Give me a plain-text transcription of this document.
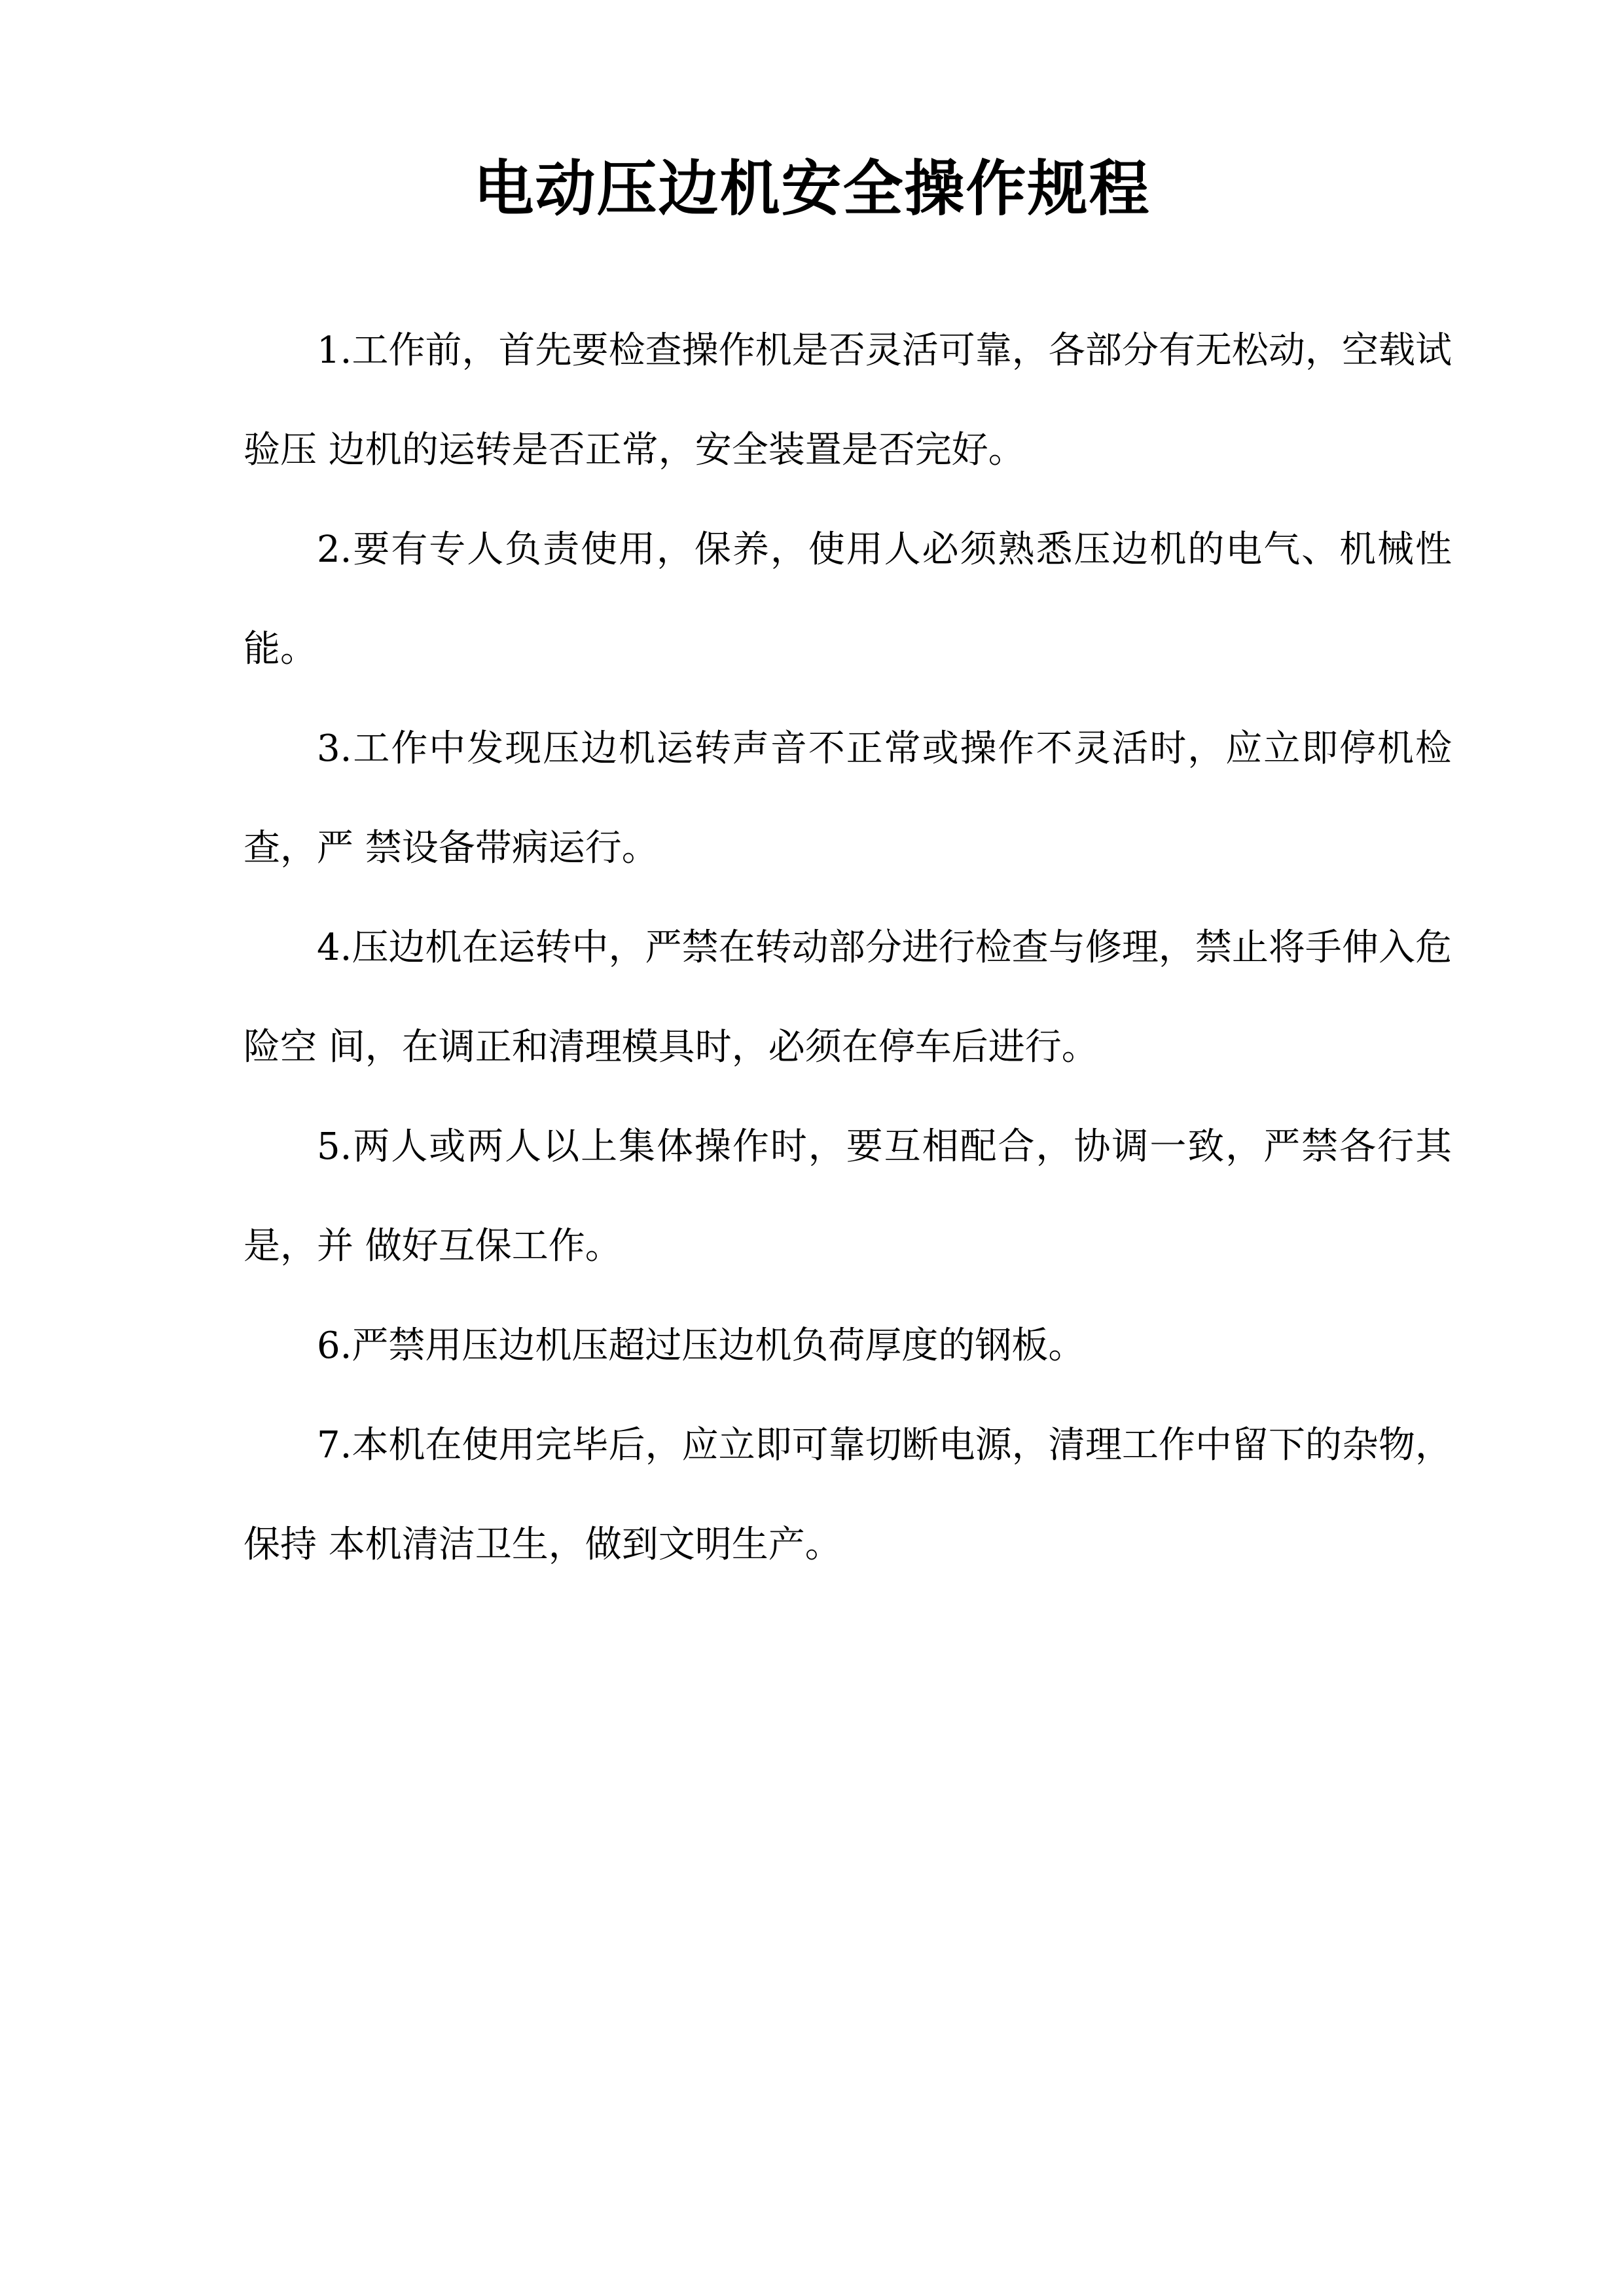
电动压边机安全操作规程

1.工作前，首先要检查操作机是否灵活可靠，各部分有无松动，空载试验压 边机的运转是否正常，安全装置是否完好。

2.要有专人负责使用，保养，使用人必须熟悉压边机的电气、机械性能。

3.工作中发现压边机运转声音不正常或操作不灵活时，应立即停机检查，严 禁设备带病运行。

4.压边机在运转中，严禁在转动部分进行检查与修理，禁止将手伸入危险空 间，在调正和清理模具时，必须在停车后进行。

5.两人或两人以上集体操作时，要互相配合，协调一致，严禁各行其是，并 做好互保工作。

6.严禁用压边机压超过压边机负荷厚度的钢板。

7.本机在使用完毕后，应立即可靠切断电源，清理工作中留下的杂物，保持 本机清洁卫生，做到文明生产。
